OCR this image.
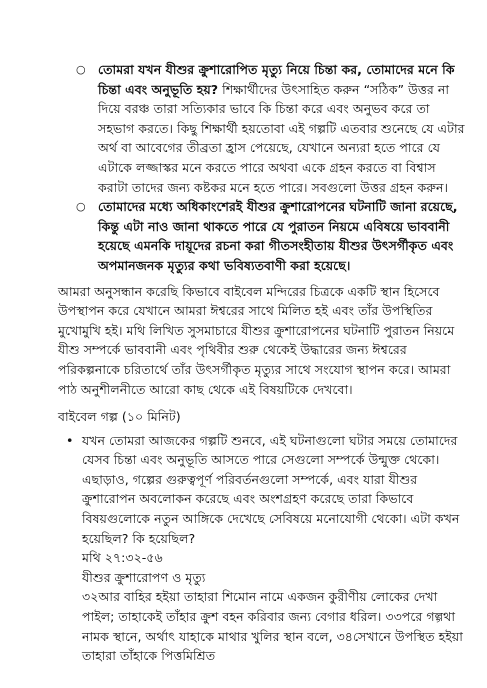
○ তোমরা যখন যীশুর ক্রুশারোপিত মৃত্যু নিয়ে চিন্তা কর, তোমাদের মনে কি চিন্তা এবং অনুভূতি হয়? শিক্ষার্থীদের উৎসাহিত করুন “সঠিক” উত্তর না দিয়ে বরঞ্চ তারা সত্যিকার ভাবে কি চিন্তা করে এবং অনুভব করে তা সহভাগ করতে। কিছু শিক্ষার্থী হয়তোবা এই গল্পটি এতবার শুনেছে যে এটার অর্থ বা আবেগের তীব্রতা হ্রাস পেয়েছে, যেখানে অন্যরা হতে পারে যে এটাকে লজ্জাস্কর মনে করতে পারে অথবা একে গ্রহন করতে বা বিশ্বাস করাটা তাদের জন্য কষ্টকর মনে হতে পারে। সবগুলো উত্তর গ্রহন করুন।

○ তোমাদের মধ্যে অধিকাংশেরই যীশুর ক্রুশারোপনের ঘটনাটি জানা রয়েছে, কিন্তু এটা নাও জানা থাকতে পারে যে পুরাতন নিয়মে এবিষয়ে ভাববানী হয়েছে এমনকি দায়ূদের রচনা করা গীতসংহীতায় যীশুর উৎসর্গীকৃত এবং অপমানজনক মৃত্যুর কথা ভবিষ্যতবাণী করা হয়েছে।

আমরা অনুসন্ধান করেছি কিভাবে বাইবেল মন্দিরের চিত্রকে একটি স্থান হিসেবে উপস্থাপন করে যেখানে আমরা ঈশ্বরের সাথে মিলিত হই এবং তাঁর উপস্থিতির মুখোমুখি হই। মথি লিখিত সুসমাচারে যীশুর ক্রুশারোপনের ঘটনাটি পুরাতন নিয়মে যীশু সম্পর্কে ভাববানী এবং পৃথিবীর শুরু থেকেই উদ্ধারের জন্য ঈশ্বরের পরিকল্পনাকে চরিতার্থে তাঁর উৎসর্গীকৃত মৃত্যুর সাথে সংযোগ স্থাপন করে। আমরা পাঠ অনুশীলনীতে আরো কাছ থেকে এই বিষয়টিকে দেখবো।

বাইবেল গল্প (১০ মিনিট)

• যখন তোমরা আজকের গল্পটি শুনবে, এই ঘটনাগুলো ঘটার সময়ে তোমাদের যেসব চিন্তা এবং অনুভূতি আসতে পারে সেগুলো সম্পর্কে উন্মুক্ত থেকো। এছাড়াও, গল্পের গুরুত্বপূর্ণ পরিবর্তনগুলো সম্পর্কে, এবং যারা যীশুর ক্রুশারোপন অবলোকন করেছে এবং অংশগ্রহণ করেছে তারা কিভাবে বিষয়গুলোকে নতুন আঙ্গিকে দেখেছে সেবিষয়ে মনোযোগী থেকো। এটা কখন হয়েছিল? কি হয়েছিল?

মথি ২৭:৩২-৫৬

যীশুর ক্রুশারোপণ ও মৃত্যু

৩২আর বাহির হইয়া তাহারা শিমোন নামে একজন কুরীণীয় লোকের দেখা পাইল; তাহাকেই তাঁহার ক্রুশ বহন করিবার জন্য বেগার ধরিল। ৩৩পরে গল্গথা নামক স্থানে, অর্থাৎ যাহাকে মাথার খুলির স্থান বলে, ৩৪সেখানে উপস্থিত হইয়া তাহারা তাঁহাকে পিত্তমিশ্রিত
